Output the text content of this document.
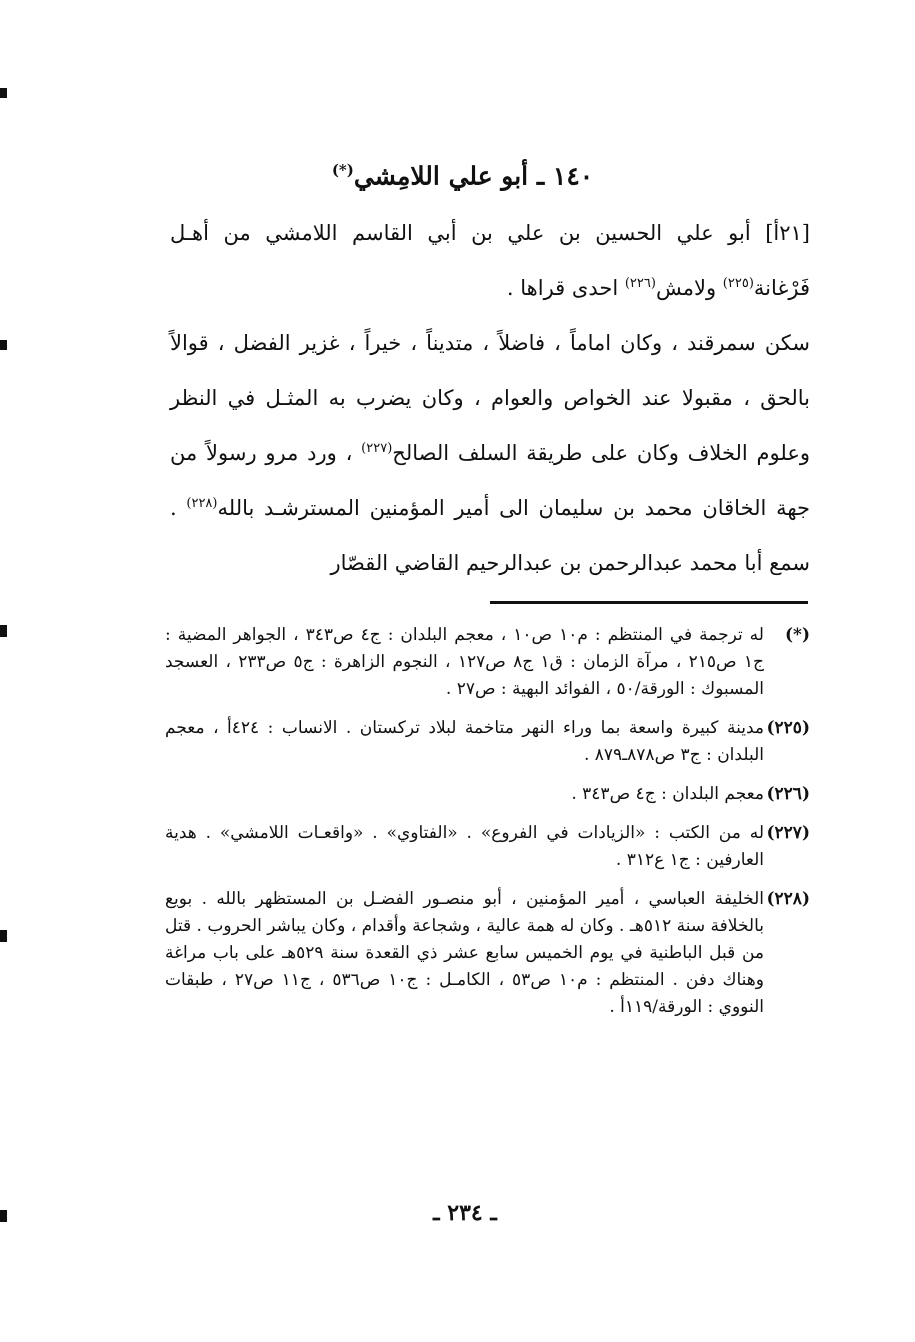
١٤٠ ـ أبو علي اللامِشي(*)

[٢١أ] أبو علي الحسين بن علي بن أبي القاسم اللامشي من أهـل فَرْغانة$^{(٢٢٥)}$ ولامش$^{(٢٢٦)}$ احدى قراها .

سكن سمرقند ، وكان اماماً ، فاضلاً ، متديناً ، خيراً ، غزير الفضل ، قوالاً بالحق ، مقبولا عند الخواص والعوام ، وكان يضرب به المثـل في النظر وعلوم الخلاف وكان على طريقة السلف الصالح$^{(٢٢٧)}$ ، ورد مرو رسولاً من جهة الخاقان محمد بن سليمان الى أمير المؤمنين المسترشـد بالله$^{(٢٢٨)}$ . سمع أبا محمد عبدالرحمن بن عبدالرحيم القاضي القصّار

(*)
له ترجمة في المنتظم : م١٠ ص١٠ ، معجم البلدان : ج٤ ص٣٤٣ ، الجواهر المضية : ج١ ص٢١٥ ، مرآة الزمان : ق١ ج٨ ص١٢٧ ، النجوم الزاهرة : ج٥ ص٢٣٣ ، العسجد المسبوك : الورقة/٥٠ ، الفوائد البهية : ص٢٧ .
(٢٢٥)
مدينة كبيرة واسعة بما وراء النهر متاخمة لبلاد تركستان . الانساب : ٤٢٤أ ، معجم البلدان : ج٣ ص٨٧٨ـ٨٧٩ .
(٢٢٦)
معجم البلدان : ج٤ ص٣٤٣ .
(٢٢٧)
له من الكتب : «الزيادات في الفروع» . «الفتاوي» . «واقعـات اللامشي» . هدية العارفين : ج١ ع٣١٢ .
(٢٢٨)
الخليفة العباسي ، أمير المؤمنين ، أبو منصـور الفضـل بن المستظهر بالله . بويع بالخلافة سنة ٥١٢هـ . وكان له همة عالية ، وشجاعة وأقدام ، وكان يباشر الحروب . قتل من قبل الباطنية في يوم الخميس سابع عشر ذي القعدة سنة ٥٢٩هـ على باب مراغة وهناك دفن . المنتظم : م١٠ ص٥٣ ، الكامـل : ج١٠ ص٥٣٦ ، ج١١ ص٢٧ ، طبقات النووي : الورقة/١١٩أ .
ـ ٢٣٤ ـ
